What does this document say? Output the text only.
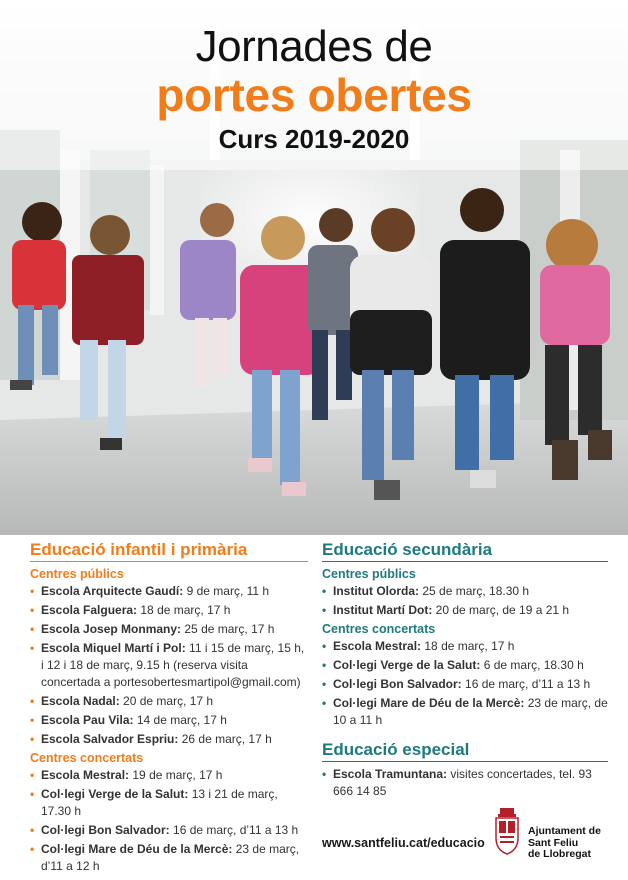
Jornades de
portes obertes
Curs 2019-2020
Educació infantil i primària
Centres públics
• Escola Arquitecte Gaudí: 9 de març, 11 h
• Escola Falguera: 18 de març, 17 h
• Escola Josep Monmany: 25 de març, 17 h
• Escola Miquel Martí i Pol: 11 i 15 de març, 15 h, i 12 i 18 de març, 9.15 h (reserva visita concertada a portesobertesmartipol@gmail.com)
• Escola Nadal: 20 de març, 17 h
• Escola Pau Vila: 14 de març, 17 h
• Escola Salvador Espriu: 26 de març, 17 h
Centres concertats
• Escola Mestral: 19 de març, 17 h
• Col·legi Verge de la Salut: 13 i 21 de març, 17.30 h
• Col·legi Bon Salvador: 16 de març, d’11 a 13 h
• Col·legi Mare de Déu de la Mercè: 23 de març, d’11 a 12 h
Educació secundària
Centres públics
• Institut Olorda: 25 de març, 18.30 h
• Institut Martí Dot: 20 de març, de 19 a 21 h
Centres concertats
• Escola Mestral: 18 de març, 17 h
• Col·legi Verge de la Salut: 6 de març, 18.30 h
• Col·legi Bon Salvador: 16 de març, d’11 a 13 h
• Col·legi Mare de Déu de la Mercè: 23 de març, de 10 a 11 h
Educació especial
• Escola Tramuntana: visites concertades, tel. 93 666 14 85
www.santfeliu.cat/educacio
Ajuntament de
Sant Feliu
de Llobregat
